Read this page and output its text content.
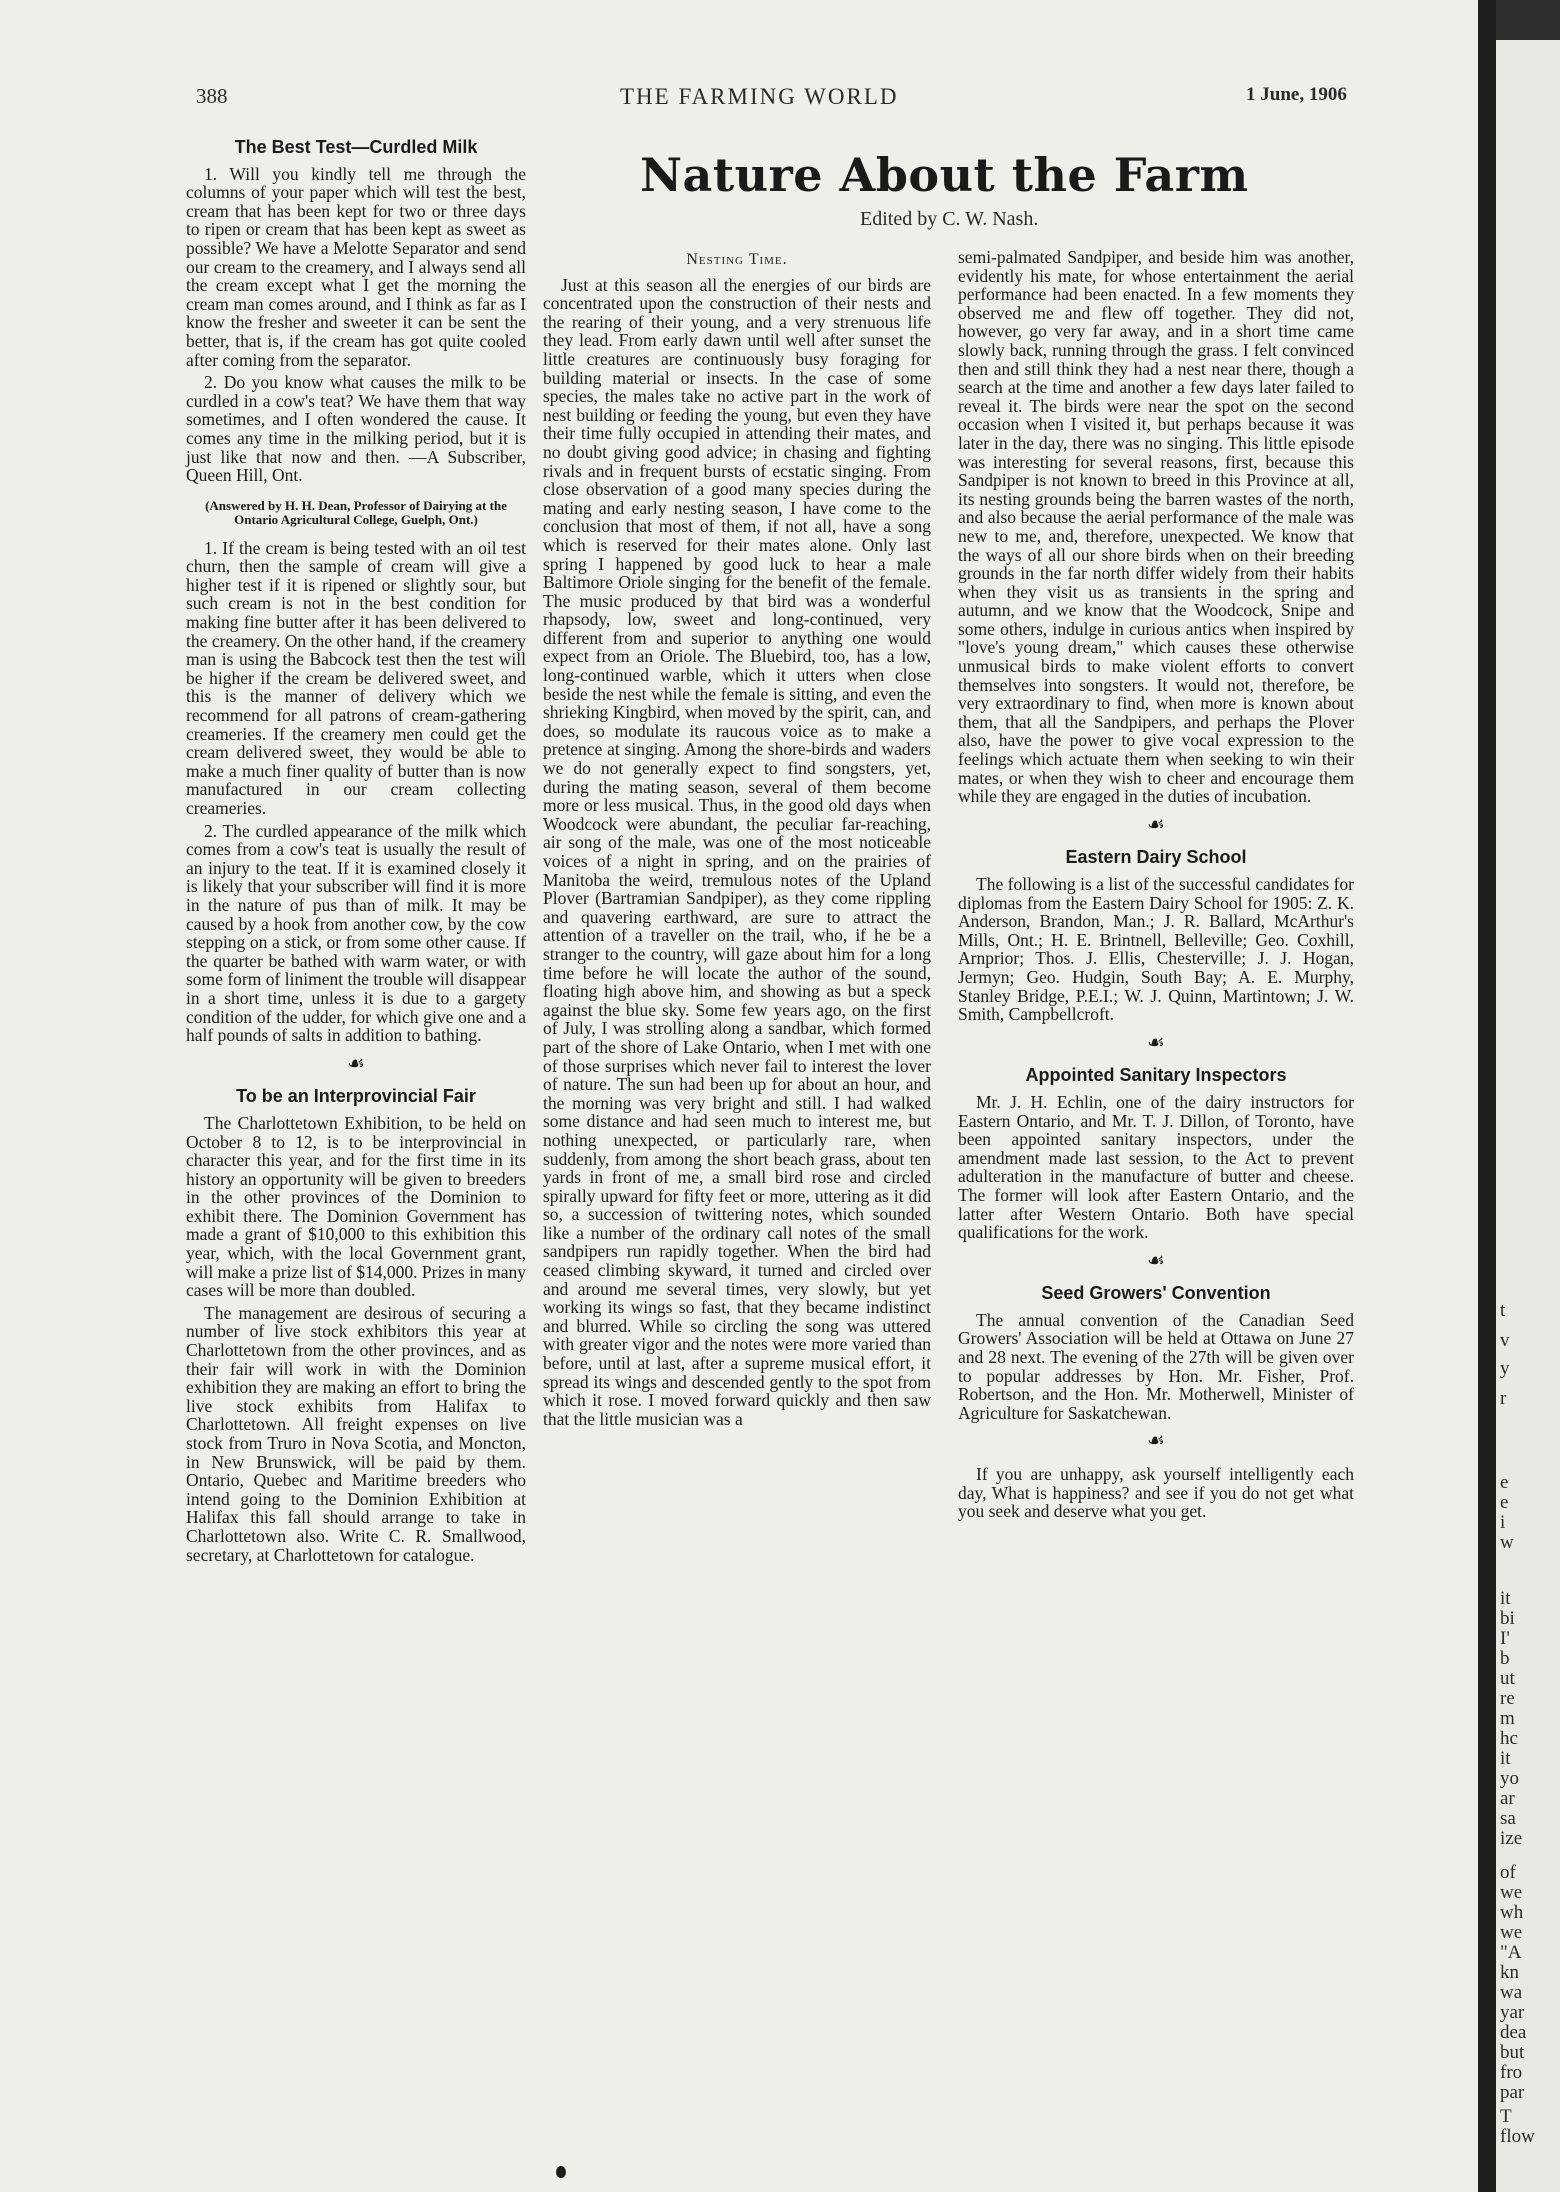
388	THE FARMING WORLD	1 June, 1906
Nature About the Farm
Edited by C. W. Nash.
The Best Test—Curdled Milk

1. Will you kindly tell me through the columns of your paper which will test the best, cream that has been kept for two or three days to ripen or cream that has been kept as sweet as possible? We have a Melotte Separator and send our cream to the creamery, and I always send all the cream except what I get the morning the cream man comes around, and I think as far as I know the fresher and sweeter it can be sent the better, that is, if the cream has got quite cooled after coming from the separator.

2. Do you know what causes the milk to be curdled in a cow's teat? We have them that way sometimes, and I often wondered the cause. It comes any time in the milking period, but it is just like that now and then. —A Subscriber, Queen Hill, Ont.

(Answered by H. H. Dean, Professor of Dairying at the Ontario Agricultural College, Guelph, Ont.)

1. If the cream is being tested with an oil test churn, then the sample of cream will give a higher test if it is ripened or slightly sour, but such cream is not in the best condition for making fine butter after it has been delivered to the creamery. On the other hand, if the creamery man is using the Babcock test then the test will be higher if the cream be delivered sweet, and this is the manner of delivery which we recommend for all patrons of cream-gathering creameries. If the creamery men could get the cream delivered sweet, they would be able to make a much finer quality of butter than is now manufactured in our cream collecting creameries.

2. The curdled appearance of the milk which comes from a cow's teat is usually the result of an injury to the teat. If it is examined closely it is likely that your subscriber will find it is more in the nature of pus than of milk. It may be caused by a hook from another cow, by the cow stepping on a stick, or from some other cause. If the quarter be bathed with warm water, or with some form of liniment the trouble will disappear in a short time, unless it is due to a gargety condition of the udder, for which give one and a half pounds of salts in addition to bathing.

☙
To be an Interprovincial Fair

The Charlottetown Exhibition, to be held on October 8 to 12, is to be interprovincial in character this year, and for the first time in its history an opportunity will be given to breeders in the other provinces of the Dominion to exhibit there. The Dominion Government has made a grant of $10,000 to this exhibition this year, which, with the local Government grant, will make a prize list of $14,000. Prizes in many cases will be more than doubled.

The management are desirous of securing a number of live stock exhibitors this year at Charlottetown from the other provinces, and as their fair will work in with the Dominion exhibition they are making an effort to bring the live stock exhibits from Halifax to Charlottetown. All freight expenses on live stock from Truro in Nova Scotia, and Moncton, in New Brunswick, will be paid by them. Ontario, Quebec and Maritime breeders who intend going to the Dominion Exhibition at Halifax this fall should arrange to take in Charlottetown also. Write C. R. Smallwood, secretary, at Charlottetown for catalogue.

Nesting Time.

Just at this season all the energies of our birds are concentrated upon the construction of their nests and the rearing of their young, and a very strenuous life they lead. From early dawn until well after sunset the little creatures are continuously busy foraging for building material or insects. In the case of some species, the males take no active part in the work of nest building or feeding the young, but even they have their time fully occupied in attending their mates, and no doubt giving good advice; in chasing and fighting rivals and in frequent bursts of ecstatic singing. From close observation of a good many species during the mating and early nesting season, I have come to the conclusion that most of them, if not all, have a song which is reserved for their mates alone. Only last spring I happened by good luck to hear a male Baltimore Oriole singing for the benefit of the female. The music produced by that bird was a wonderful rhapsody, low, sweet and long-continued, very different from and superior to anything one would expect from an Oriole. The Bluebird, too, has a low, long-continued warble, which it utters when close beside the nest while the female is sitting, and even the shrieking Kingbird, when moved by the spirit, can, and does, so modulate its raucous voice as to make a pretence at singing. Among the shore-birds and waders we do not generally expect to find songsters, yet, during the mating season, several of them become more or less musical. Thus, in the good old days when Woodcock were abundant, the peculiar far-reaching, air song of the male, was one of the most noticeable voices of a night in spring, and on the prairies of Manitoba the weird, tremulous notes of the Upland Plover (Bartramian Sandpiper), as they come rippling and quavering earthward, are sure to attract the attention of a traveller on the trail, who, if he be a stranger to the country, will gaze about him for a long time before he will locate the author of the sound, floating high above him, and showing as but a speck against the blue sky. Some few years ago, on the first of July, I was strolling along a sandbar, which formed part of the shore of Lake Ontario, when I met with one of those surprises which never fail to interest the lover of nature. The sun had been up for about an hour, and the morning was very bright and still. I had walked some distance and had seen much to interest me, but nothing unexpected, or particularly rare, when suddenly, from among the short beach grass, about ten yards in front of me, a small bird rose and circled spirally upward for fifty feet or more, uttering as it did so, a succession of twittering notes, which sounded like a number of the ordinary call notes of the small sandpipers run rapidly together. When the bird had ceased climbing skyward, it turned and circled over and around me several times, very slowly, but yet working its wings so fast, that they became indistinct and blurred. While so circling the song was uttered with greater vigor and the notes were more varied than before, until at last, after a supreme musical effort, it spread its wings and descended gently to the spot from which it rose. I moved forward quickly and then saw that the little musician was a

semi-palmated Sandpiper, and beside him was another, evidently his mate, for whose entertainment the aerial performance had been enacted. In a few moments they observed me and flew off together. They did not, however, go very far away, and in a short time came slowly back, running through the grass. I felt convinced then and still think they had a nest near there, though a search at the time and another a few days later failed to reveal it. The birds were near the spot on the second occasion when I visited it, but perhaps because it was later in the day, there was no singing. This little episode was interesting for several reasons, first, because this Sandpiper is not known to breed in this Province at all, its nesting grounds being the barren wastes of the north, and also because the aerial performance of the male was new to me, and, therefore, unexpected. We know that the ways of all our shore birds when on their breeding grounds in the far north differ widely from their habits when they visit us as transients in the spring and autumn, and we know that the Woodcock, Snipe and some others, indulge in curious antics when inspired by "love's young dream," which causes these otherwise unmusical birds to make violent efforts to convert themselves into songsters. It would not, therefore, be very extraordinary to find, when more is known about them, that all the Sandpipers, and perhaps the Plover also, have the power to give vocal expression to the feelings which actuate them when seeking to win their mates, or when they wish to cheer and encourage them while they are engaged in the duties of incubation.

☙
Eastern Dairy School

The following is a list of the successful candidates for diplomas from the Eastern Dairy School for 1905: Z. K. Anderson, Brandon, Man.; J. R. Ballard, McArthur's Mills, Ont.; H. E. Brintnell, Belleville; Geo. Coxhill, Arnprior; Thos. J. Ellis, Chesterville; J. J. Hogan, Jermyn; Geo. Hudgin, South Bay; A. E. Murphy, Stanley Bridge, P.E.I.; W. J. Quinn, Martintown; J. W. Smith, Campbellcroft.

☙
Appointed Sanitary Inspectors

Mr. J. H. Echlin, one of the dairy instructors for Eastern Ontario, and Mr. T. J. Dillon, of Toronto, have been appointed sanitary inspectors, under the amendment made last session, to the Act to prevent adulteration in the manufacture of butter and cheese. The former will look after Eastern Ontario, and the latter after Western Ontario. Both have special qualifications for the work.

☙
Seed Growers' Convention

The annual convention of the Canadian Seed Growers' Association will be held at Ottawa on June 27 and 28 next. The evening of the 27th will be given over to popular addresses by Hon. Mr. Fisher, Prof. Robertson, and the Hon. Mr. Motherwell, Minister of Agriculture for Saskatchewan.

☙

If you are unhappy, ask yourself intelligently each day, What is happiness? and see if you do not get what you seek and deserve what you get.

t
v
y
r
e
e
i
w
it
bi
I'
b
ut
re
m
hc
it
yo
ar
sa
ize
of
we
wh
we
"A
kn
wa
yar
dea
but
fro
par
T
flow
